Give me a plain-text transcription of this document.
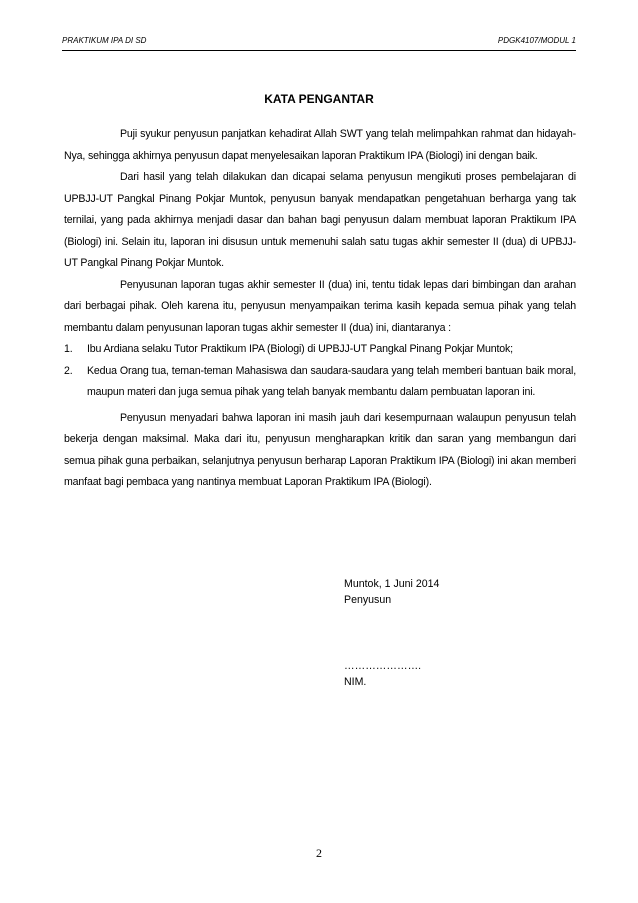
PRAKTIKUM IPA DI SD	PDGK4107/MODUL 1
KATA PENGANTAR

Puji syukur penyusun panjatkan kehadirat Allah SWT yang telah melimpahkan rahmat dan hidayah-Nya, sehingga akhirnya penyusun dapat menyelesaikan laporan Praktikum IPA (Biologi) ini dengan baik.

Dari hasil yang telah dilakukan dan dicapai selama penyusun mengikuti proses pembelajaran di UPBJJ-UT Pangkal Pinang Pokjar Muntok, penyusun banyak mendapatkan pengetahuan berharga yang tak ternilai, yang pada akhirnya menjadi dasar dan bahan bagi penyusun dalam membuat laporan Praktikum IPA (Biologi) ini. Selain itu, laporan ini disusun untuk memenuhi salah satu tugas akhir semester II (dua) di UPBJJ-UT Pangkal Pinang Pokjar Muntok.

Penyusunan laporan tugas akhir semester II (dua) ini, tentu tidak lepas dari bimbingan dan arahan dari berbagai pihak. Oleh karena itu, penyusun menyampaikan terima kasih kepada semua pihak yang telah membantu dalam penyusunan laporan tugas akhir semester II (dua) ini, diantaranya :

1.	Ibu Ardiana selaku Tutor Praktikum IPA (Biologi) di UPBJJ-UT Pangkal Pinang Pokjar Muntok;
2.	Kedua Orang tua, teman-teman Mahasiswa dan saudara-saudara yang telah memberi bantuan baik moral, maupun materi dan juga semua pihak yang telah banyak membantu dalam pembuatan laporan ini.

Penyusun menyadari bahwa laporan ini masih jauh dari kesempurnaan walaupun penyusun telah bekerja dengan maksimal. Maka dari itu, penyusun mengharapkan kritik dan saran yang membangun dari semua pihak guna perbaikan, selanjutnya penyusun berharap Laporan Praktikum IPA (Biologi) ini akan memberi manfaat bagi pembaca yang nantinya membuat Laporan Praktikum IPA (Biologi).

Muntok, 1 Juni 2014
Penyusun
………………….
NIM.
2
